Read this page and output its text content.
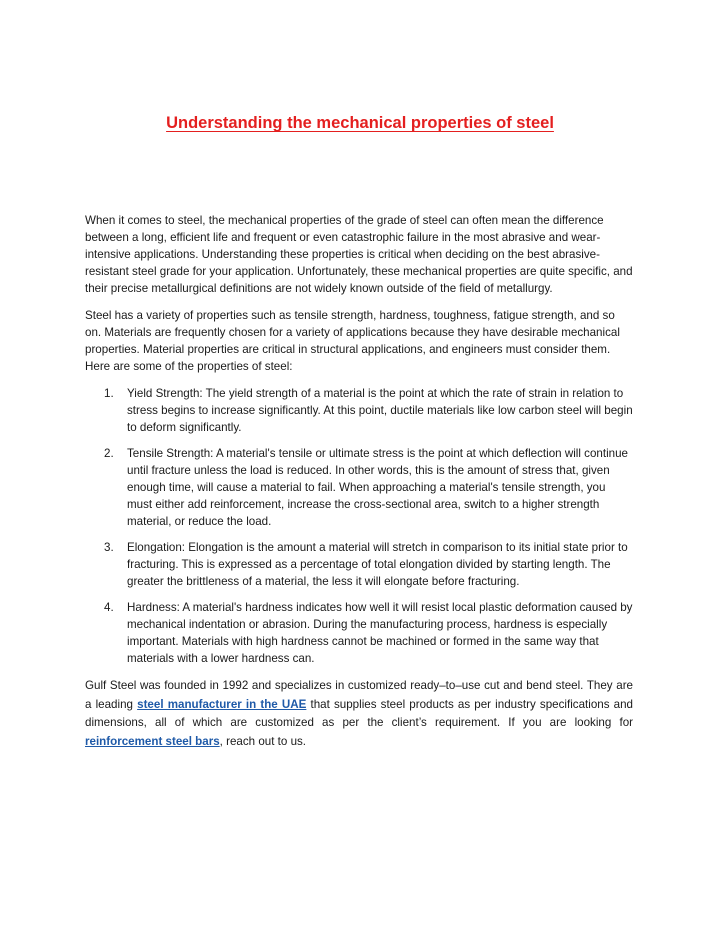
Understanding the mechanical properties of steel

When it comes to steel, the mechanical properties of the grade of steel can often mean the difference between a long, efficient life and frequent or even catastrophic failure in the most abrasive and wear-intensive applications. Understanding these properties is critical when deciding on the best abrasive-resistant steel grade for your application. Unfortunately, these mechanical properties are quite specific, and their precise metallurgical definitions are not widely known outside of the field of metallurgy.

Steel has a variety of properties such as tensile strength, hardness, toughness, fatigue strength, and so on. Materials are frequently chosen for a variety of applications because they have desirable mechanical properties. Material properties are critical in structural applications, and engineers must consider them. Here are some of the properties of steel:

1. Yield Strength: The yield strength of a material is the point at which the rate of strain in relation to stress begins to increase significantly. At this point, ductile materials like low carbon steel will begin to deform significantly.
2. Tensile Strength: A material's tensile or ultimate stress is the point at which deflection will continue until fracture unless the load is reduced. In other words, this is the amount of stress that, given enough time, will cause a material to fail. When approaching a material's tensile strength, you must either add reinforcement, increase the cross-sectional area, switch to a higher strength material, or reduce the load.
3. Elongation: Elongation is the amount a material will stretch in comparison to its initial state prior to fracturing. This is expressed as a percentage of total elongation divided by starting length. The greater the brittleness of a material, the less it will elongate before fracturing.
4. Hardness: A material's hardness indicates how well it will resist local plastic deformation caused by mechanical indentation or abrasion. During the manufacturing process, hardness is especially important. Materials with high hardness cannot be machined or formed in the same way that materials with a lower hardness can.

Gulf Steel was founded in 1992 and specializes in customized ready–to–use cut and bend steel. They are a leading steel manufacturer in the UAE that supplies steel products as per industry specifications and dimensions, all of which are customized as per the client’s requirement. If you are looking for reinforcement steel bars, reach out to us.
